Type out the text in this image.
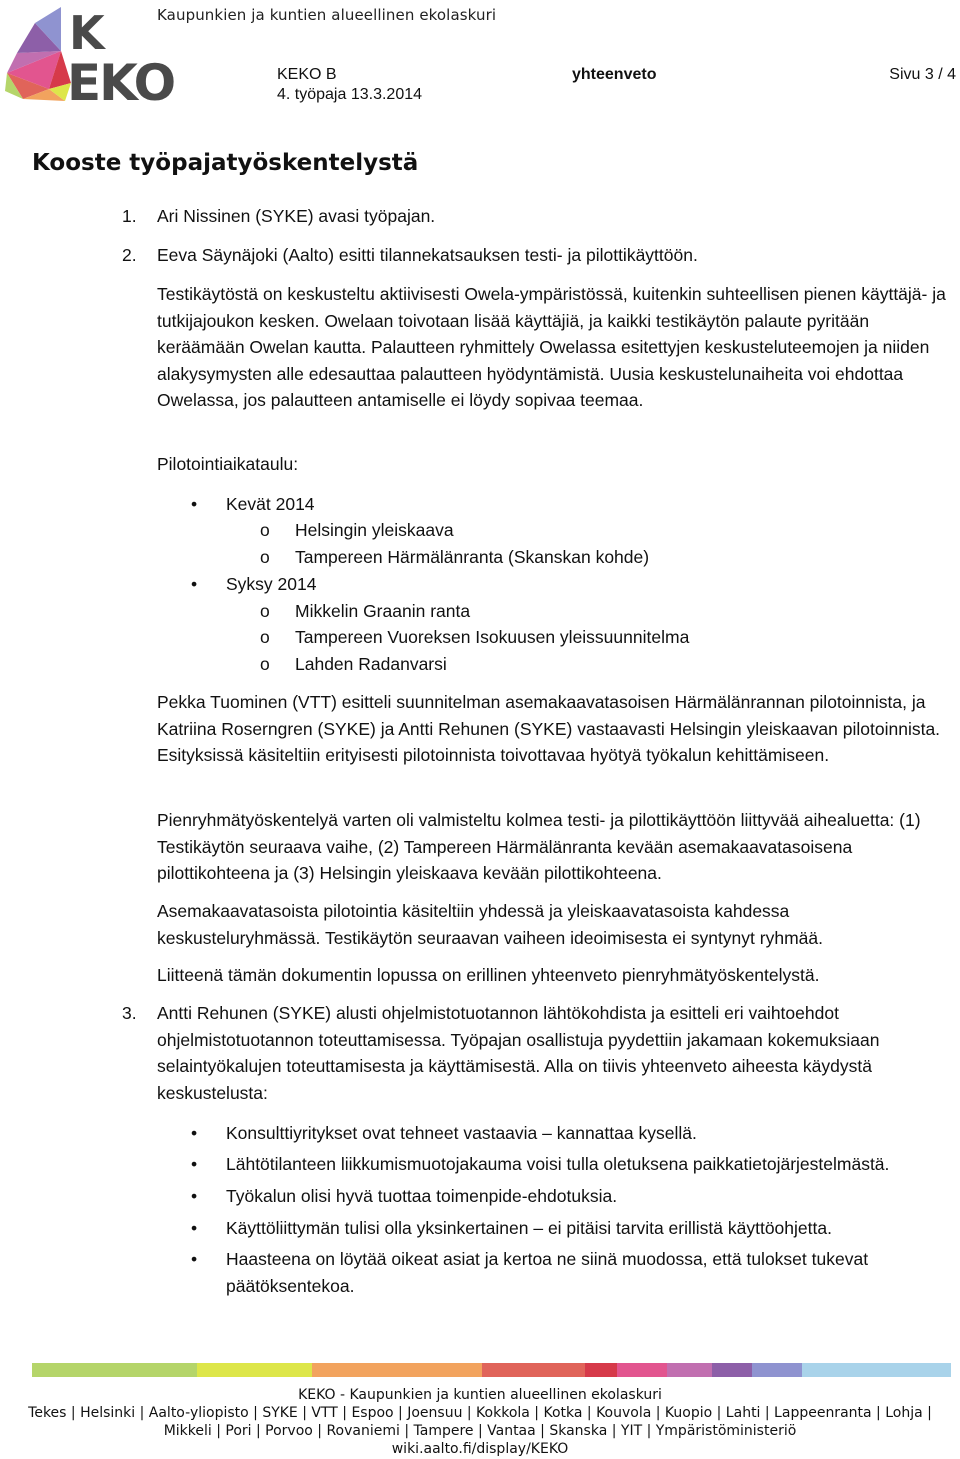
Kaupunkien ja kuntien alueellinen ekolaskuri
K
EKO	KEKO B
4. työpaja 13.3.2014
yhteenveto	Sivu 3 / 4
Kooste työpajatyöskentelystä
1. Ari Nissinen (SYKE) avasi työpajan.

2. Eeva Säynäjoki (Aalto) esitti tilannekatsauksen testi- ja pilottikäyttöön.

Testikäytöstä on keskusteltu aktiivisesti Owela-ympäristössä, kuitenkin suhteellisen pienen käyttäjä- ja tutkijajoukon kesken. Owelaan toivotaan lisää käyttäjiä, ja kaikki testikäytön palaute pyritään keräämään Owelan kautta. Palautteen ryhmittely Owelassa esitettyjen keskusteluteemojen ja niiden alakysymysten alle edesauttaa palautteen hyödyntämistä. Uusia keskustelunaiheita voi ehdottaa Owelassa, jos palautteen antamiselle ei löydy sopivaa teemaa.

Pilotointiaikataulu:

• Kevät 2014
o Helsingin yleiskaava
o Tampereen Härmälänranta (Skanskan kohde)
• Syksy 2014
o Mikkelin Graanin ranta
o Tampereen Vuoreksen Isokuusen yleissuunnitelma
o Lahden Radanvarsi

Pekka Tuominen (VTT) esitteli suunnitelman asemakaavatasoisen Härmälänrannan pilotoinnista, ja Katriina Roserngren (SYKE) ja Antti Rehunen (SYKE) vastaavasti Helsingin yleiskaavan pilotoinnista. Esityksissä käsiteltiin erityisesti pilotoinnista toivottavaa hyötyä työkalun kehittämiseen.

Pienryhmätyöskentelyä varten oli valmisteltu kolmea testi- ja pilottikäyttöön liittyvää aihealuetta: (1) Testikäytön seuraava vaihe, (2) Tampereen Härmälänranta kevään asemakaavatasoisena pilottikohteena ja (3) Helsingin yleiskaava kevään pilottikohteena.

Asemakaavatasoista pilotointia käsiteltiin yhdessä ja yleiskaavatasoista kahdessa keskusteluryhmässä. Testikäytön seuraavan vaiheen ideoimisesta ei syntynyt ryhmää.

Liitteenä tämän dokumentin lopussa on erillinen yhteenveto pienryhmätyöskentelystä.

3. Antti Rehunen (SYKE) alusti ohjelmistotuotannon lähtökohdista ja esitteli eri vaihtoehdot ohjelmistotuotannon toteuttamisessa. Työpajan osallistuja pyydettiin jakamaan kokemuksiaan selaintyökalujen toteuttamisesta ja käyttämisestä. Alla on tiivis yhteenveto aiheesta käydystä keskustelusta:

• Konsulttiyritykset ovat tehneet vastaavia – kannattaa kysellä.
• Lähtötilanteen liikkumismuotojakauma voisi tulla oletuksena paikkatietojärjestelmästä.
• Työkalun olisi hyvä tuottaa toimenpide-ehdotuksia.
• Käyttöliittymän tulisi olla yksinkertainen – ei pitäisi tarvita erillistä käyttöohjetta.
• Haasteena on löytää oikeat asiat ja kertoa ne siinä muodossa, että tulokset tukevat päätöksentekoa.
KEKO - Kaupunkien ja kuntien alueellinen ekolaskuri
Tekes | Helsinki | Aalto-yliopisto | SYKE | VTT | Espoo | Joensuu | Kokkola | Kotka | Kouvola | Kuopio | Lahti | Lappeenranta | Lohja |
Mikkeli | Pori | Porvoo | Rovaniemi | Tampere | Vantaa | Skanska | YIT | Ympäristöministeriö
wiki.aalto.fi/display/KEKO
